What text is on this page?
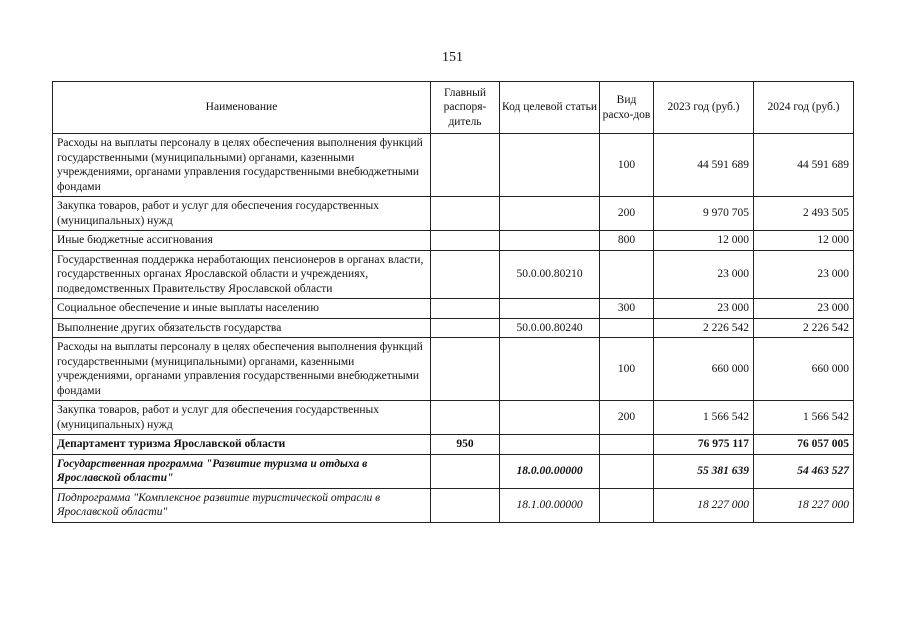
151
Наименование	Главный распоря-дитель	Код целевой статьи	Вид расхо-дов	2023 год (руб.)	2024 год (руб.)
Расходы на выплаты персоналу в целях обеспечения выполнения функций государственными (муниципальными) органами, казенными учреждениями, органами управления государственными внебюджетными фондами			100	44 591 689	44 591 689
Закупка товаров, работ и услуг для обеспечения государственных (муниципальных) нужд			200	9 970 705	2 493 505
Иные бюджетные ассигнования			800	12 000	12 000
Государственная поддержка неработающих пенсионеров в органах власти, государственных органах Ярославской области и учреждениях, подведомственных Правительству Ярославской области		50.0.00.80210		23 000	23 000
Социальное обеспечение и иные выплаты населению			300	23 000	23 000
Выполнение других обязательств государства		50.0.00.80240		2 226 542	2 226 542
Расходы на выплаты персоналу в целях обеспечения выполнения функций государственными (муниципальными) органами, казенными учреждениями, органами управления государственными внебюджетными фондами			100	660 000	660 000
Закупка товаров, работ и услуг для обеспечения государственных (муниципальных) нужд			200	1 566 542	1 566 542
Департамент туризма Ярославской области	950			76 975 117	76 057 005
Государственная программа "Развитие туризма и отдыха в Ярославской области"		18.0.00.00000		55 381 639	54 463 527
Подпрограмма "Комплексное развитие туристической отрасли в Ярославской области"		18.1.00.00000		18 227 000	18 227 000
